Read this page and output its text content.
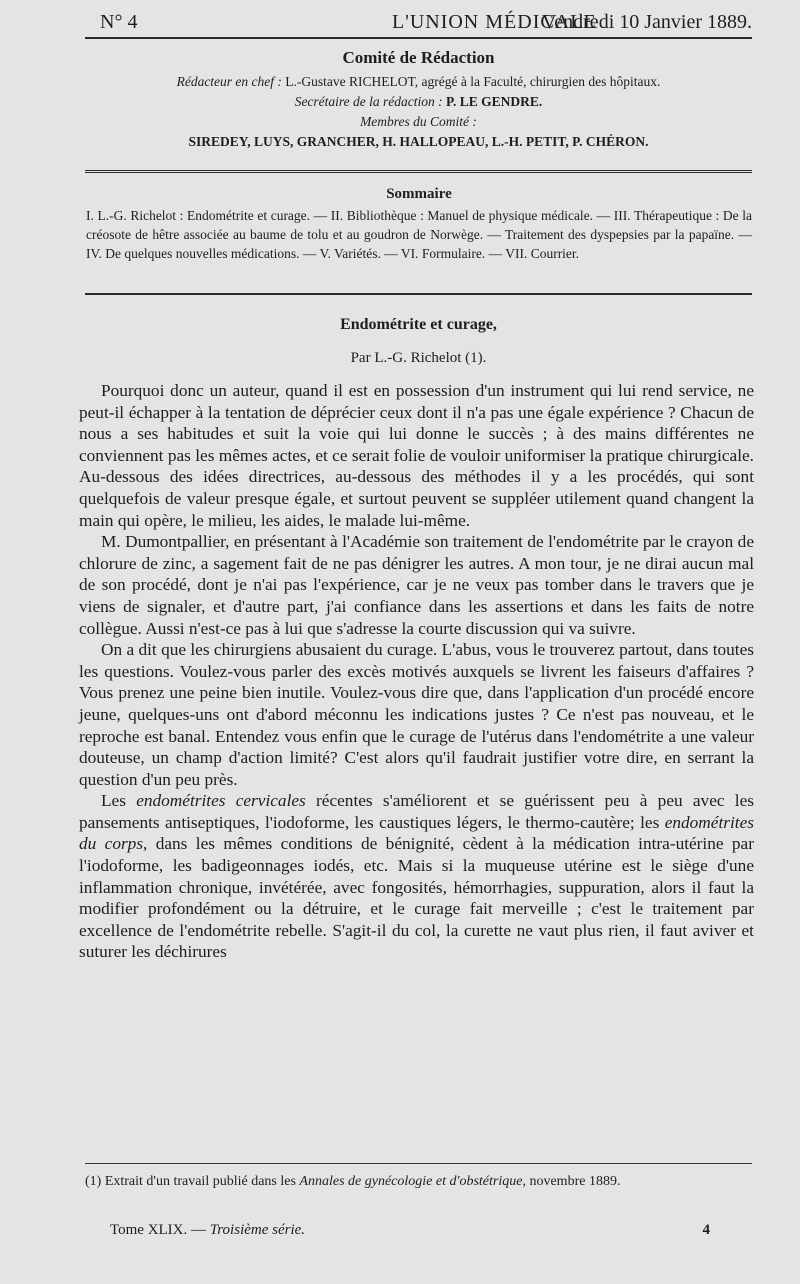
N° 4	L'UNION MÉDICALE
Vendredi 10 Janvier 1889.
Comité de Rédaction
Rédacteur en chef : L.-Gustave RICHELOT, agrégé à la Faculté, chirurgien des hôpitaux.
Secrétaire de la rédaction : P. LE GENDRE.
Membres du Comité :
SIREDEY, LUYS, GRANCHER, H. HALLOPEAU, L.-H. PETIT, P. CHÉRON.
Sommaire
I. L.-G. Richelot : Endométrite et curage. — II. Bibliothèque : Manuel de physique médicale. — III. Thérapeutique : De la créosote de hêtre associée au baume de tolu et au goudron de Norwège. — Traitement des dyspepsies par la papaïne. — IV. De quelques nouvelles médications. — V. Variétés. — VI. Formulaire. — VII. Courrier.
Endométrite et curage,
Par L.-G. Richelot (1).

Pourquoi donc un auteur, quand il est en possession d'un instrument qui lui rend service, ne peut-il échapper à la tentation de déprécier ceux dont il n'a pas une égale expérience ? Chacun de nous a ses habitudes et suit la voie qui lui donne le succès ; à des mains différentes ne conviennent pas les mêmes actes, et ce serait folie de vouloir uniformiser la pratique chirurgicale. Au-dessous des idées directrices, au-dessous des méthodes il y a les procédés, qui sont quelquefois de valeur presque égale, et surtout peuvent se suppléer utilement quand changent la main qui opère, le milieu, les aides, le malade lui-même.

M. Dumontpallier, en présentant à l'Académie son traitement de l'endométrite par le crayon de chlorure de zinc, a sagement fait de ne pas dénigrer les autres. A mon tour, je ne dirai aucun mal de son procédé, dont je n'ai pas l'expérience, car je ne veux pas tomber dans le travers que je viens de signaler, et d'autre part, j'ai confiance dans les assertions et dans les faits de notre collègue. Aussi n'est-ce pas à lui que s'adresse la courte discussion qui va suivre.

On a dit que les chirurgiens abusaient du curage. L'abus, vous le trouverez partout, dans toutes les questions. Voulez-vous parler des excès motivés auxquels se livrent les faiseurs d'affaires ? Vous prenez une peine bien inutile. Voulez-vous dire que, dans l'application d'un procédé encore jeune, quelques-uns ont d'abord méconnu les indications justes ? Ce n'est pas nouveau, et le reproche est banal. Entendez vous enfin que le curage de l'utérus dans l'endométrite a une valeur douteuse, un champ d'action limité? C'est alors qu'il faudrait justifier votre dire, en serrant la question d'un peu près.

Les endométrites cervicales récentes s'améliorent et se guérissent peu à peu avec les pansements antiseptiques, l'iodoforme, les caustiques légers, le thermo-cautère; les endométrites du corps, dans les mêmes conditions de bénignité, cèdent à la médication intra-utérine par l'iodoforme, les badigeonnages iodés, etc. Mais si la muqueuse utérine est le siège d'une inflammation chronique, invétérée, avec fongosités, hémorrhagies, suppuration, alors il faut la modifier profondément ou la détruire, et le curage fait merveille ; c'est le traitement par excellence de l'endométrite rebelle. S'agit-il du col, la curette ne vaut plus rien, il faut aviver et suturer les déchirures

(1) Extrait d'un travail publié dans les Annales de gynécologie et d'obstétrique, novembre 1889.
Tome XLIX. — Troisième série.	4
